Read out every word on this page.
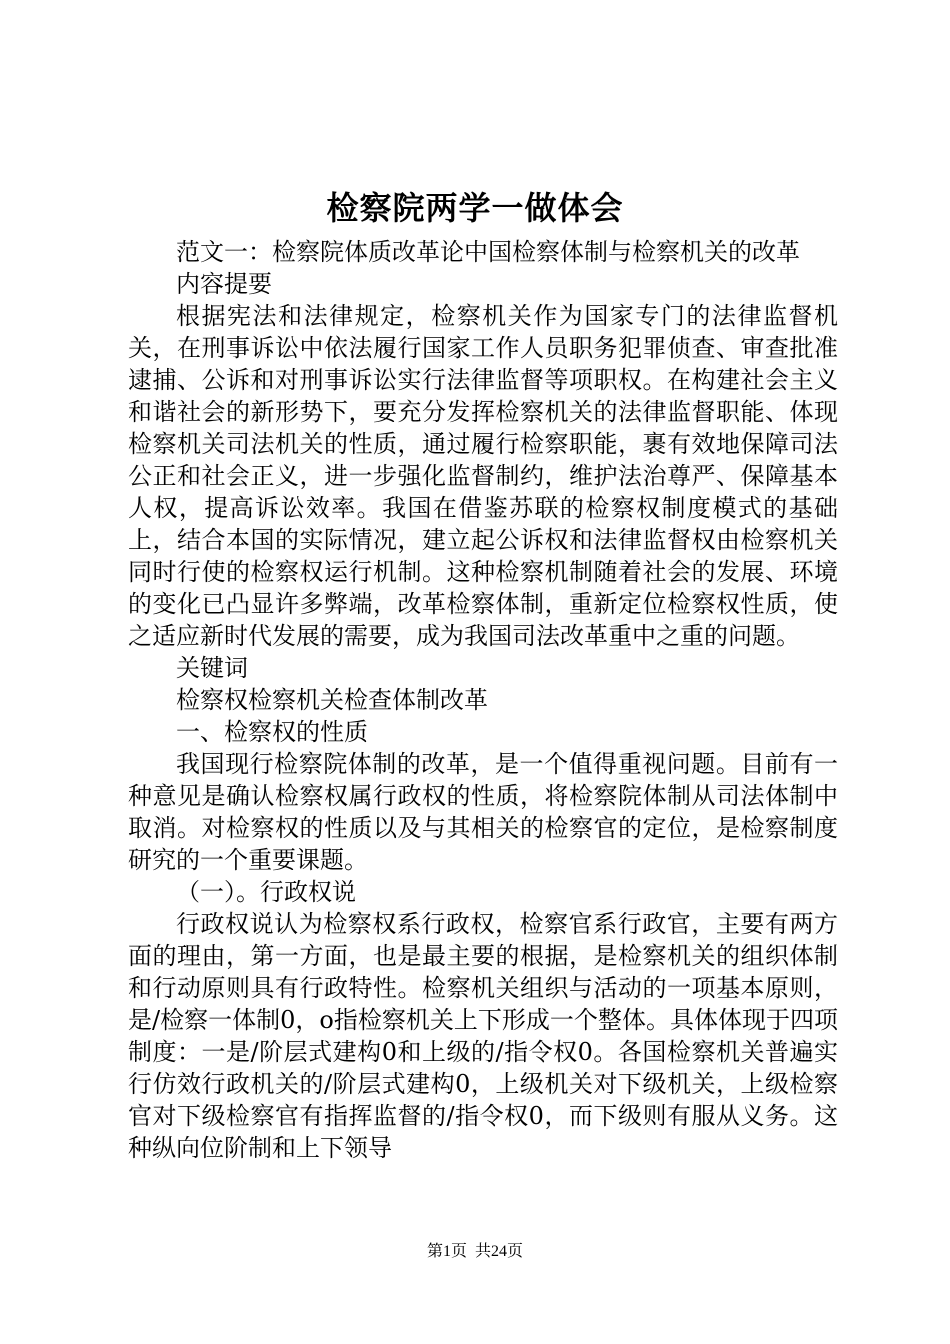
检察院两学一做体会

范文一：检察院体质改革论中国检察体制与检察机关的改革

内容提要

根据宪法和法律规定，检察机关作为国家专门的法律监督机关，在刑事诉讼中依法履行国家工作人员职务犯罪侦查、审查批准逮捕、公诉和对刑事诉讼实行法律监督等项职权。在构建社会主义和谐社会的新形势下，要充分发挥检察机关的法律监督职能、体现检察机关司法机关的性质，通过履行检察职能，裹有效地保障司法公正和社会正义，进一步强化监督制约，维护法治尊严、保障基本人权，提高诉讼效率。我国在借鉴苏联的检察权制度模式的基础上，结合本国的实际情况，建立起公诉权和法律监督权由检察机关同时行使的检察权运行机制。这种检察机制随着社会的发展、环境的变化已凸显许多弊端，改革检察体制，重新定位检察权性质，使之适应新时代发展的需要，成为我国司法改革重中之重的问题。

关键词

检察权检察机关检查体制改革

一、检察权的性质

我国现行检察院体制的改革，是一个值得重视问题。目前有一种意见是确认检察权属行政权的性质，将检察院体制从司法体制中取消。对检察权的性质以及与其相关的检察官的定位，是检察制度研究的一个重要课题。

（一）。行政权说

行政权说认为检察权系行政权，检察官系行政官，主要有两方面的理由，第一方面，也是最主要的根据，是检察机关的组织体制和行动原则具有行政特性。检察机关组织与活动的一项基本原则，是/检察一体制0，o指检察机关上下形成一个整体。具体体现于四项制度：一是/阶层式建构0和上级的/指令权0。各国检察机关普遍实行仿效行政机关的/阶层式建构0，上级机关对下级机关，上级检察官对下级检察官有指挥监督的/指令权0，而下级则有服从义务。这种纵向位阶制和上下领导

第1页 共24页
